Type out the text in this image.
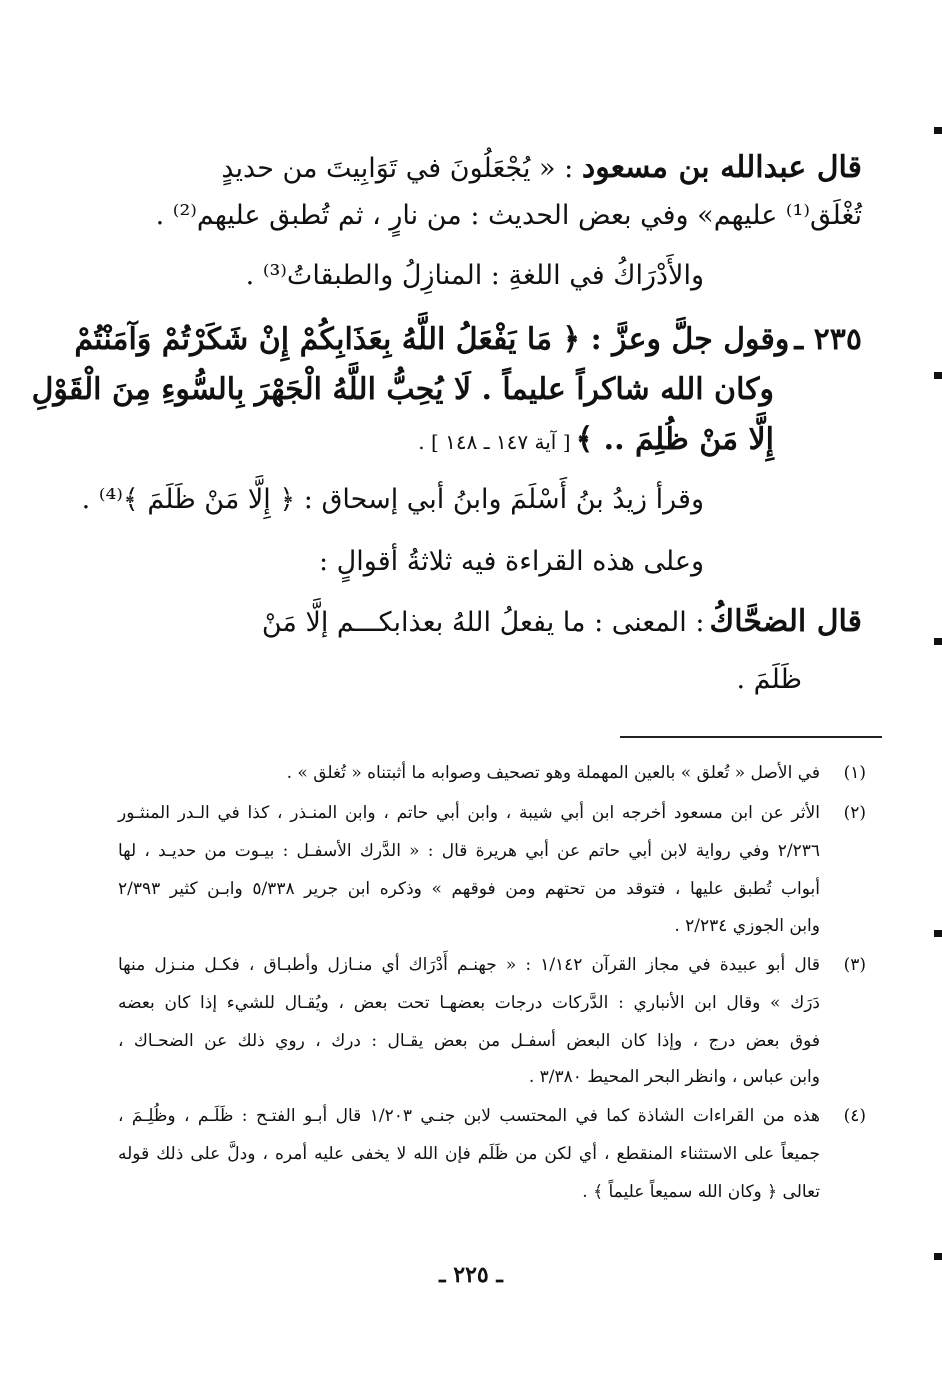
قال عبدالله بن مسعود : « يُجْعَلُونَ في تَوَابِيتَ من حديدٍ
تُغْلَق⁽¹⁾ عليهم» وفي بعض الحديث : من نارٍ ، ثم تُطبق عليهم⁽²⁾ .
والأَدْرَاكُ في اللغةِ : المنازِلُ والطبقاتُ⁽³⁾ .
٢٣٥ ـ وقول جلَّ وعزَّ : ﴿ مَا يَفْعَلُ اللَّهُ بِعَذَابِكُمْ إِنْ شَكَرْتُمْ وَآمَنْتُمْ
وكان الله شاكراً عليماً . لَا يُحِبُّ اللَّهُ الْجَهْرَ بِالسُّوءِ مِنَ الْقَوْلِ
إِلَّا مَنْ ظُلِمَ .. ﴾ [ آية ١٤٧ ـ ١٤٨ ] .
وقرأ زيدُ بنُ أَسْلَمَ وابنُ أبي إسحاق : ﴿ إِلَّا مَنْ ظَلَمَ ﴾⁽⁴⁾ .
وعلى هذه القراءة فيه ثلاثةُ أقوالٍ :
قال الضحَّاكُ : المعنى : ما يفعلُ اللهُ بعذابكـــم إلَّا مَنْ
ظَلَمَ .
(١)
في الأصل « تُعلق » بالعين المهملة وهو تصحيف وصوابه ما أثبتناه « تُغلق » .
(٢)
الأثر عن ابن مسعود أخرجه ابن أبي شيبة ، وابن أبي حاتم ، وابن المنـذر ، كذا في الـدر المنثـور
٢/٢٣٦ وفي رواية لابن أبي حاتم عن أبي هريرة قال : « الدَّرك الأسفـل : بيـوت من حديـد ، لها
أبواب تُطبق عليها ، فتوقد من تحتهم ومن فوقهم » وذكره ابن جرير ٥/٣٣٨ وابـن كثير ٢/٣٩٣
وابن الجوزي ٢/٢٣٤ .
(٣)
قال أبو عبيدة في مجاز القرآن ١/١٤٢ : « جهنـم أَدْرَاك أي منـازل وأطبـاق ، فكـل منـزل منها
دَرَك » وقال ابن الأنباري : الدَّركات درجات بعضهـا تحت بعض ، ويُقـال للشيء إذا كان بعضه
فوق بعض درج ، وإذا كان البعض أسفـل من بعض يقـال : درك ، روي ذلك عن الضحـاك ،
وابن عباس ، وانظر البحر المحيط ٣/٣٨٠ .
(٤)
هذه من القراءات الشاذة كما في المحتسب لابن جنـي ١/٢٠٣ قال أبـو الفتـح : ظَلَـم ، وظُلِـمَ ،
جميعاً على الاستثناء المنقطع ، أي لكن من ظَلَم فإن الله لا يخفى عليه أمره ، ودلَّ على ذلك قوله
تعالى ﴿ وكان الله سميعاً عليماً ﴾ .
ـ ٢٢٥ ـ
